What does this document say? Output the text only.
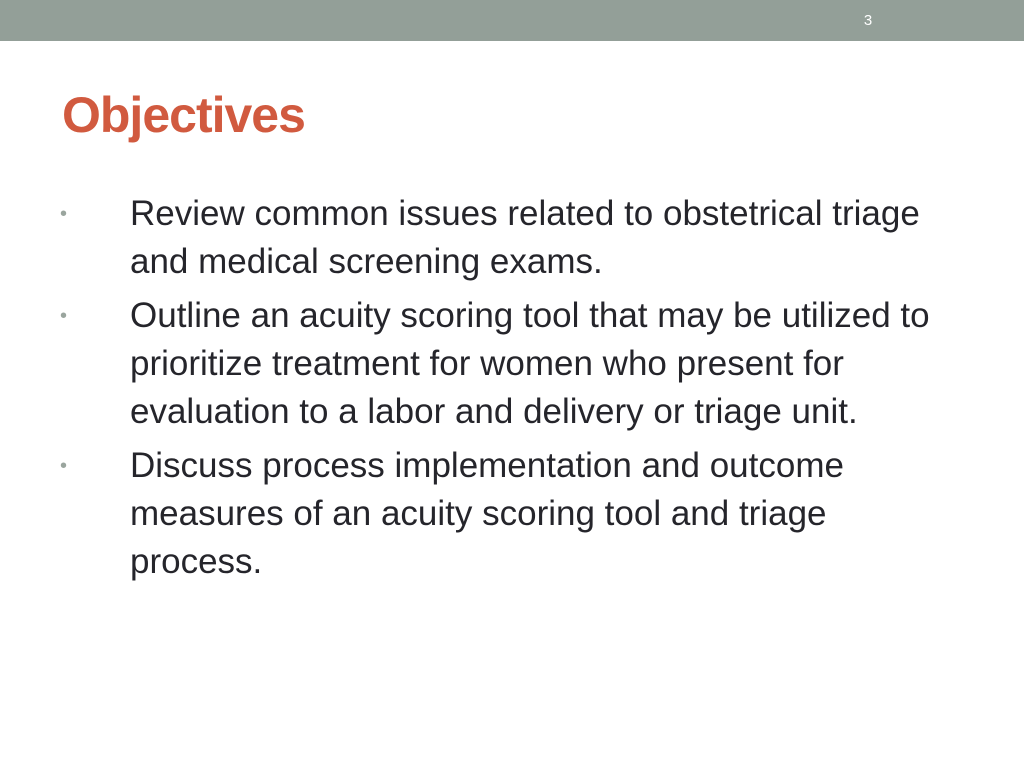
3
Objectives
• Review common issues related to obstetrical triage and medical screening exams.
• Outline an acuity scoring tool that may be utilized to prioritize treatment for women who present for evaluation to a labor and delivery or triage unit.
• Discuss process implementation and outcome measures of an acuity scoring tool and triage process.
